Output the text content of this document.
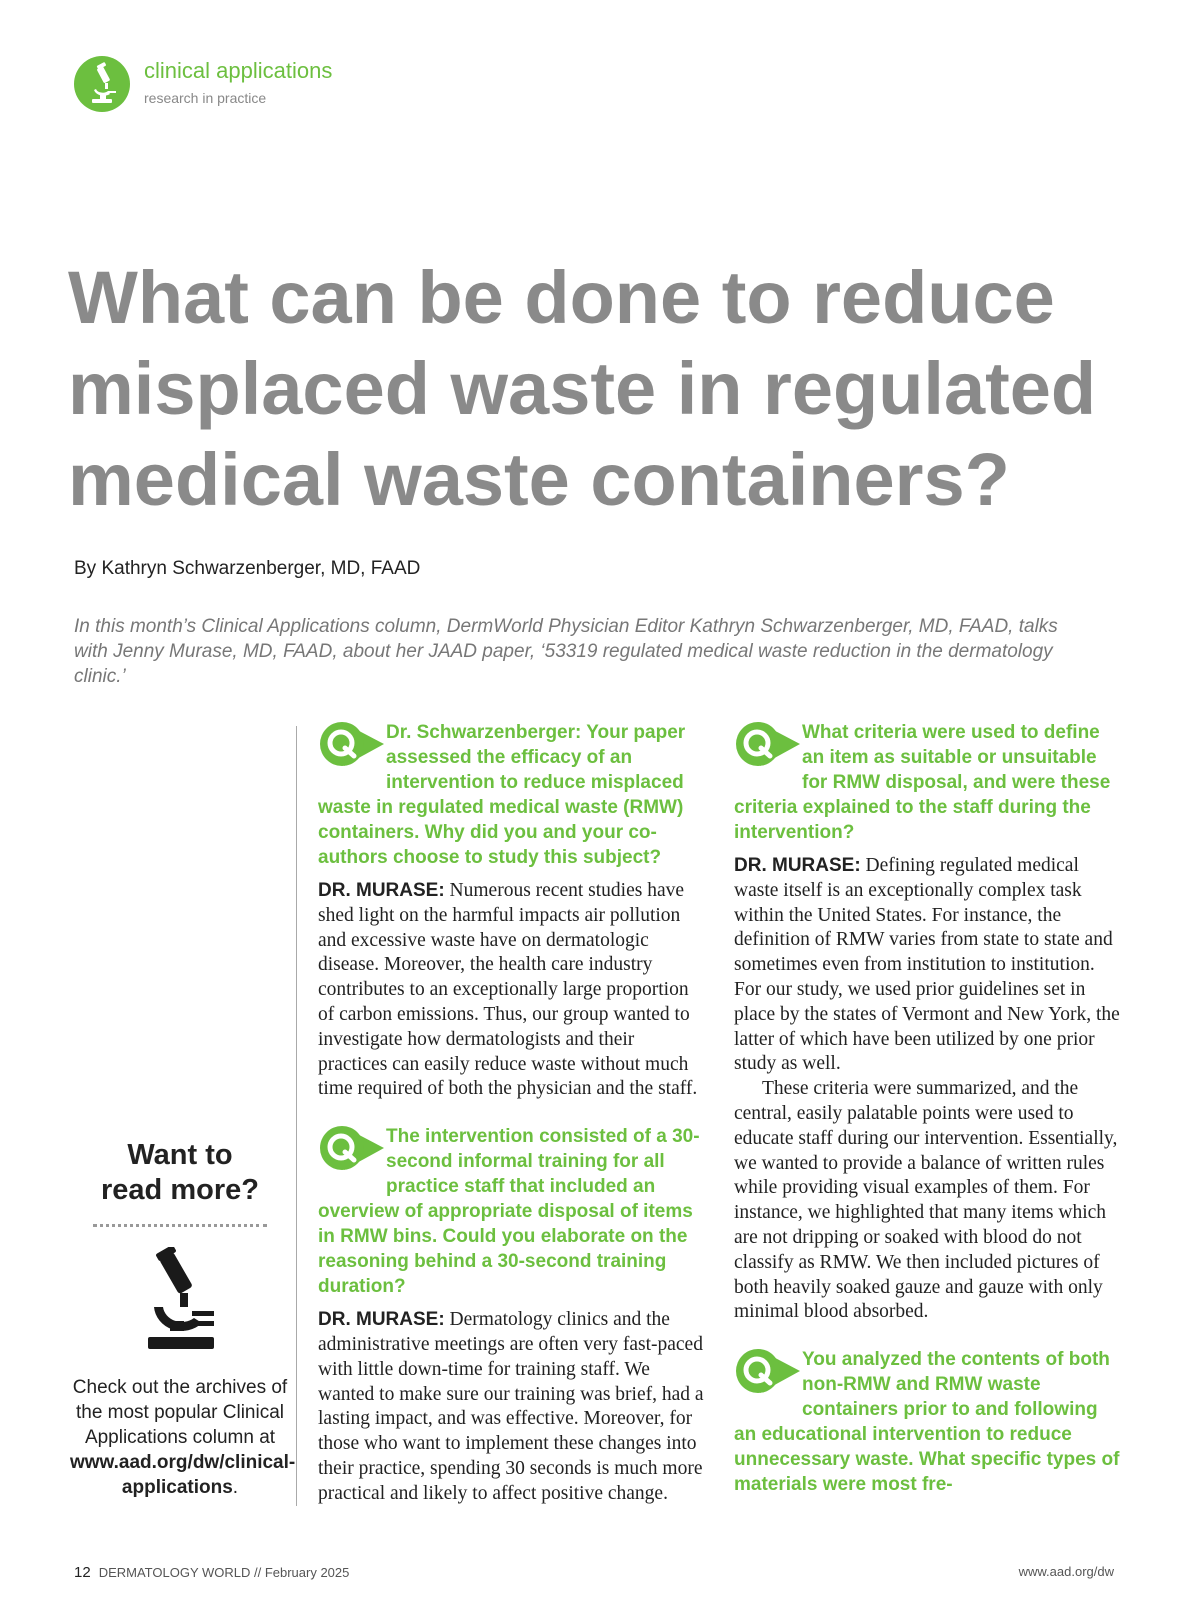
clinical applications
research in practice
What can be done to reduce misplaced waste in regulated medical waste containers?
By Kathryn Schwarzenberger, MD, FAAD

In this month’s Clinical Applications column, DermWorld Physician Editor Kathryn Schwarzenberger, MD, FAAD, talks with Jenny Murase, MD, FAAD, about her JAAD paper, ‘53319 regulated medical waste reduction in the dermatology clinic.’

Want to
read more?
Check out the archives of the most popular Clinical Applications column at www.aad.org/dw/clinical-applications.
Dr. Schwarzenberger: Your paper assessed the efficacy of an intervention to reduce misplaced waste in regulated medical waste (RMW) containers. Why did you and your co-authors choose to study this subject?

DR. MURASE: Numerous recent studies have shed light on the harmful impacts air pollution and excessive waste have on dermatologic disease. Moreover, the health care industry contributes to an exceptionally large proportion of carbon emissions. Thus, our group wanted to investigate how dermatologists and their practices can easily reduce waste without much time required of both the physician and the staff.

The intervention consisted of a 30-second informal training for all practice staff that included an overview of appropriate disposal of items in RMW bins. Could you elaborate on the reasoning behind a 30-second training duration?

DR. MURASE: Dermatology clinics and the administrative meetings are often very fast-paced with little down-time for training staff. We wanted to make sure our training was brief, had a lasting impact, and was effective. Moreover, for those who want to implement these changes into their practice, spending 30 seconds is much more practical and likely to affect positive change.

What criteria were used to define an item as suitable or unsuitable for RMW disposal, and were these criteria explained to the staff during the intervention?

DR. MURASE: Defining regulated medical waste itself is an exceptionally complex task within the United States. For instance, the definition of RMW varies from state to state and sometimes even from institution to institution. For our study, we used prior guidelines set in place by the states of Vermont and New York, the latter of which have been utilized by one prior study as well.

These criteria were summarized, and the central, easily palatable points were used to educate staff during our intervention. Essentially, we wanted to provide a balance of written rules while providing visual examples of them. For instance, we highlighted that many items which are not dripping or soaked with blood do not classify as RMW. We then included pictures of both heavily soaked gauze and gauze with only minimal blood absorbed.

You analyzed the contents of both non-RMW and RMW waste containers prior to and following an educational intervention to reduce unnecessary waste. What specific types of materials were most fre-
12 DERMATOLOGY WORLD // February 2025	www.aad.org/dw
